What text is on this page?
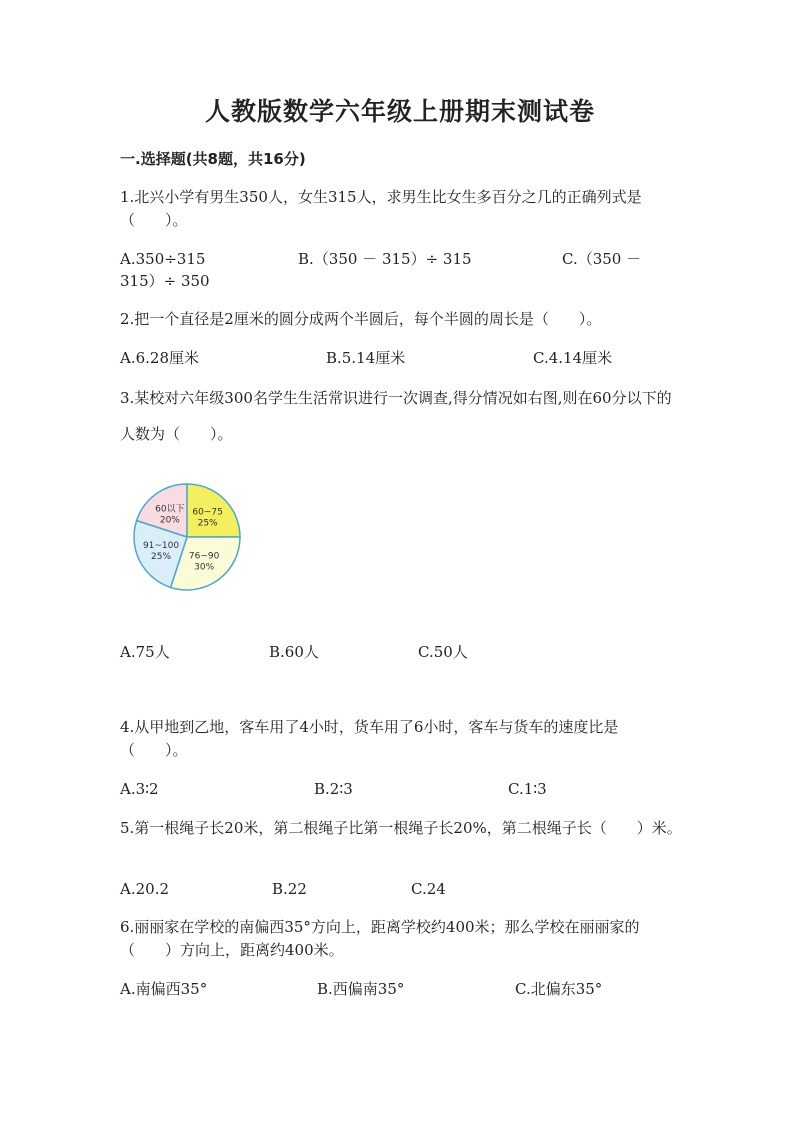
人教版数学六年级上册期末测试卷
一.选择题(共8题，共16分)
1.北兴小学有男生350人，女生315人，求男生比女生多百分之几的正确列式是（　　）。
A.350÷315	B.（350 － 315）÷ 315	C.（350 －
315）÷ 350
2.把一个直径是2厘米的圆分成两个半圆后，每个半圆的周长是（　　）。
A.6.28厘米	B.5.14厘米	C.4.14厘米
3.某校对六年级300名学生生活常识进行一次调查,得分情况如右图,则在60分以下的人数为（　　）。
60以下
20%
60~75
25%
76~90
30%
91~100
25%
A.75人	B.60人	C.50人
4.从甲地到乙地，客车用了4小时，货车用了6小时，客车与货车的速度比是（　　）。
A.3∶2	B.2∶3	C.1∶3
5.第一根绳子长20米，第二根绳子比第一根绳子长20%，第二根绳子长（　　）米。
A.20.2	B.22	C.24
6.丽丽家在学校的南偏西35°方向上，距离学校约400米；那么学校在丽丽家的（　　）方向上，距离约400米。
A.南偏西35°	B.西偏南35°	C.北偏东35°
